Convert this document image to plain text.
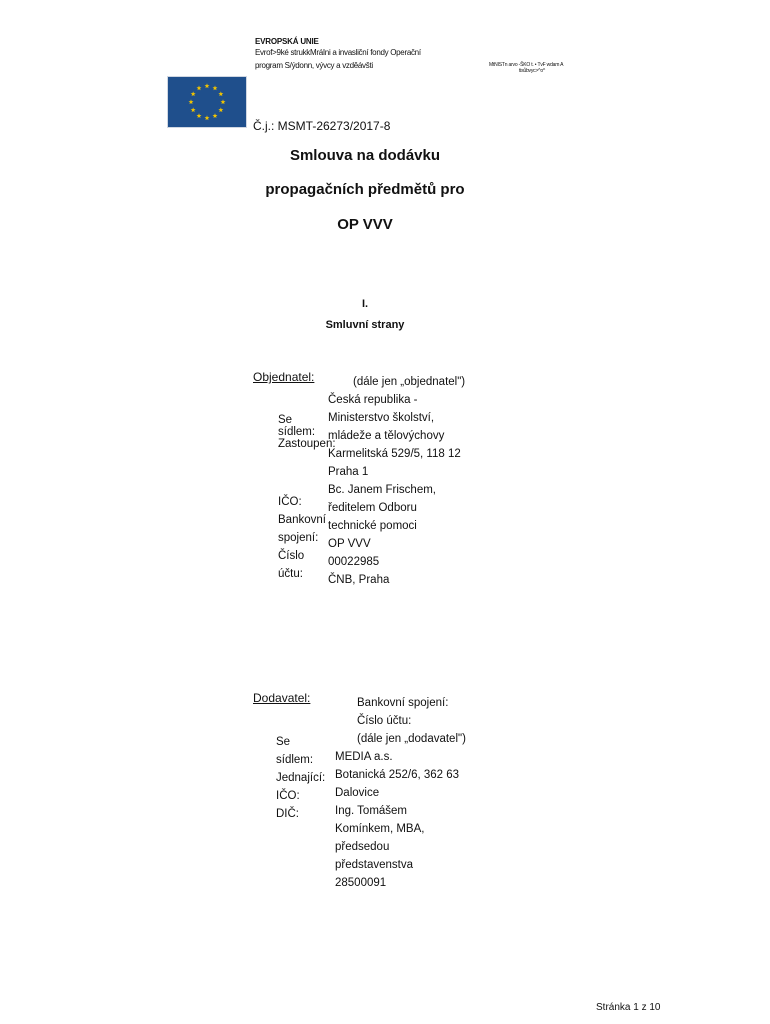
EVROPSKÁ UNIE
Evrof>9ké strukkMráIni a invasliční fondy Operační
program S/ýdonn, vývcy a vzděávšti	MtNISTn arvo -ŠKO t. • TvF wdam A
tisůbvyc>^o^
Č.j.: MSMT-26273/2017-8
Smlouva na dodávku
propagačních předmětů pro
OP VVV
I.
Smluvní strany
Objednatel:
Se sídlem:
Zastoupen:
IČO:
Bankovní spojení:
Číslo účtu:
(dále jen „objednatel")
Česká republika -
Ministerstvo školství,
mládeže a tělovýchovy
Karmelitská 529/5, 118 12
Praha 1
Bc. Janem Frischem,
ředitelem Odboru
technické pomoci
OP VVV
00022985
ČNB, Praha
Dodavatel:
Se sídlem:
Jednající:
IČO:
DIČ:
Bankovní spojení:
Číslo účtu:
(dále jen „dodavatel")
MEDIA a.s.
Botanická 252/6, 362 63
Dalovice
Ing. Tomášem
Komínkem, MBA,
předsedou
představenstva
28500091
Stránka 1 z 10
